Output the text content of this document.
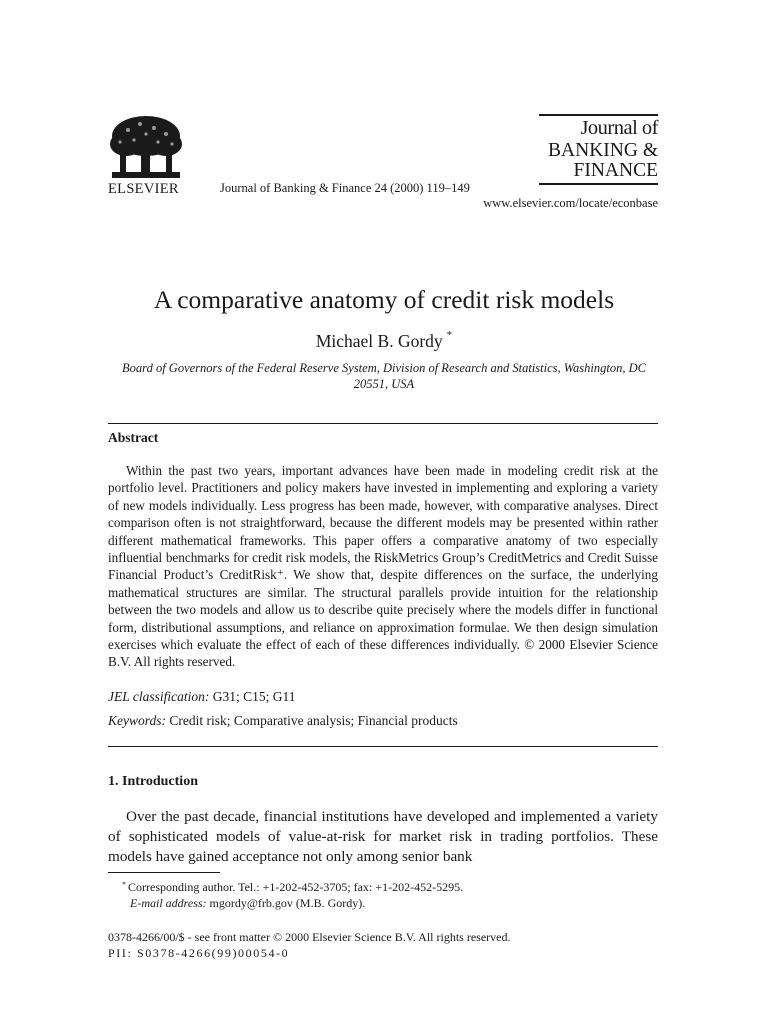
ELSEVIER	Journal of Banking & Finance 24 (2000) 119–149
www.elsevier.com/locate/econbase
Journal of
BANKING &
FINANCE
A comparative anatomy of credit risk models
Michael B. Gordy *
Board of Governors of the Federal Reserve System, Division of Research and Statistics, Washington, DC 20551, USA
Abstract
Within the past two years, important advances have been made in modeling credit risk at the portfolio level. Practitioners and policy makers have invested in implementing and exploring a variety of new models individually. Less progress has been made, however, with comparative analyses. Direct comparison often is not straightforward, because the different models may be presented within rather different mathematical frameworks. This paper offers a comparative anatomy of two especially influential benchmarks for credit risk models, the RiskMetrics Group’s CreditMetrics and Credit Suisse Financial Product’s CreditRisk⁺. We show that, despite differences on the surface, the underlying mathematical structures are similar. The structural parallels provide intuition for the relationship between the two models and allow us to describe quite precisely where the models differ in functional form, distributional assumptions, and reliance on approximation formulae. We then design simulation exercises which evaluate the effect of each of these differences individually. © 2000 Elsevier Science B.V. All rights reserved.
JEL classification: G31; C15; G11
Keywords: Credit risk; Comparative analysis; Financial products
1. Introduction
Over the past decade, financial institutions have developed and implemented a variety of sophisticated models of value-at-risk for market risk in trading portfolios. These models have gained acceptance not only among senior bank
* Corresponding author. Tel.: +1-202-452-3705; fax: +1-202-452-5295.
E-mail address: mgordy@frb.gov (M.B. Gordy).
0378-4266/00/$ - see front matter © 2000 Elsevier Science B.V. All rights reserved.
PII: S0378-4266(99)00054-0
